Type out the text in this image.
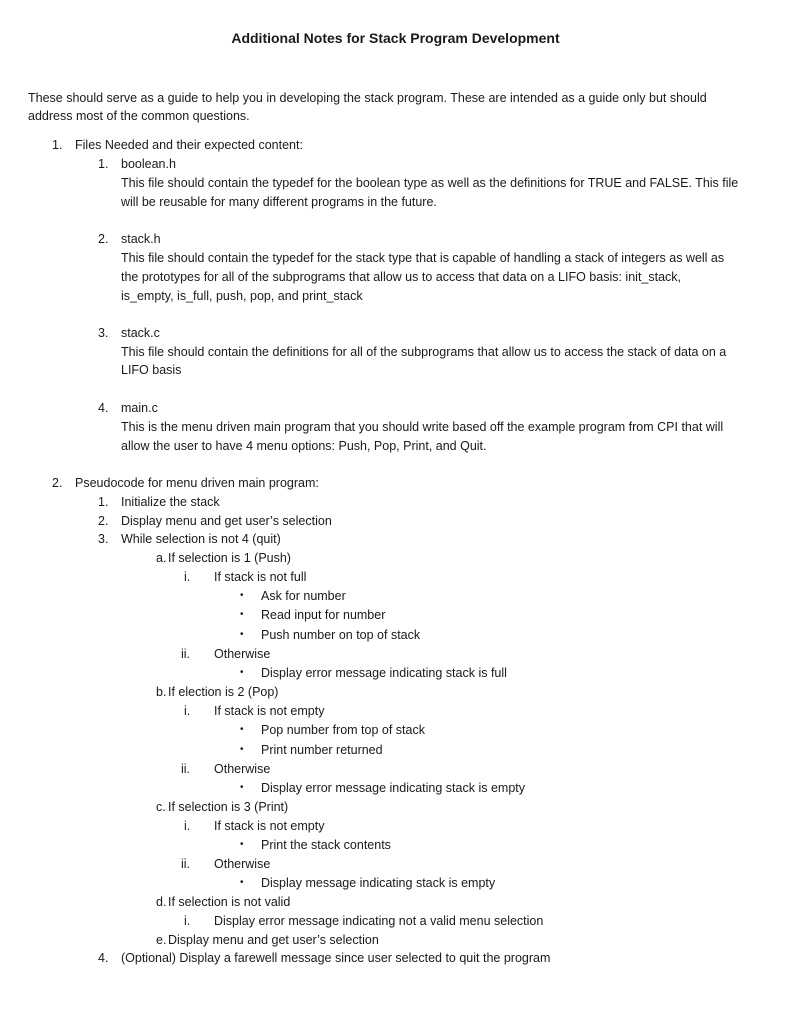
Additional Notes for Stack Program Development
These should serve as a guide to help you in developing the stack program. These are intended as a guide only but should
address most of the common questions.
1. Files Needed and their expected content:
1. boolean.h
This file should contain the typedef for the boolean type as well as the definitions for TRUE and FALSE. This file
will be reusable for many different programs in the future.
2. stack.h
This file should contain the typedef for the stack type that is capable of handling a stack of integers as well as
the prototypes for all of the subprograms that allow us to access that data on a LIFO basis: init_stack,
is_empty, is_full, push, pop, and print_stack
3. stack.c
This file should contain the definitions for all of the subprograms that allow us to access the stack of data on a
LIFO basis
4. main.c
This is the menu driven main program that you should write based off the example program from CPI that will
allow the user to have 4 menu options: Push, Pop, Print, and Quit.
2. Pseudocode for menu driven main program:
1. Initialize the stack
2. Display menu and get user’s selection
3. While selection is not 4 (quit)
a. If selection is 1 (Push)
i. If stack is not full
• Ask for number
• Read input for number
• Push number on top of stack
ii. Otherwise
• Display error message indicating stack is full
b. If election is 2 (Pop)
i. If stack is not empty
• Pop number from top of stack
• Print number returned
ii. Otherwise
• Display error message indicating stack is empty
c. If selection is 3 (Print)
i. If stack is not empty
• Print the stack contents
ii. Otherwise
• Display message indicating stack is empty
d. If selection is not valid
i. Display error message indicating not a valid menu selection
e. Display menu and get user’s selection
4. (Optional) Display a farewell message since user selected to quit the program
